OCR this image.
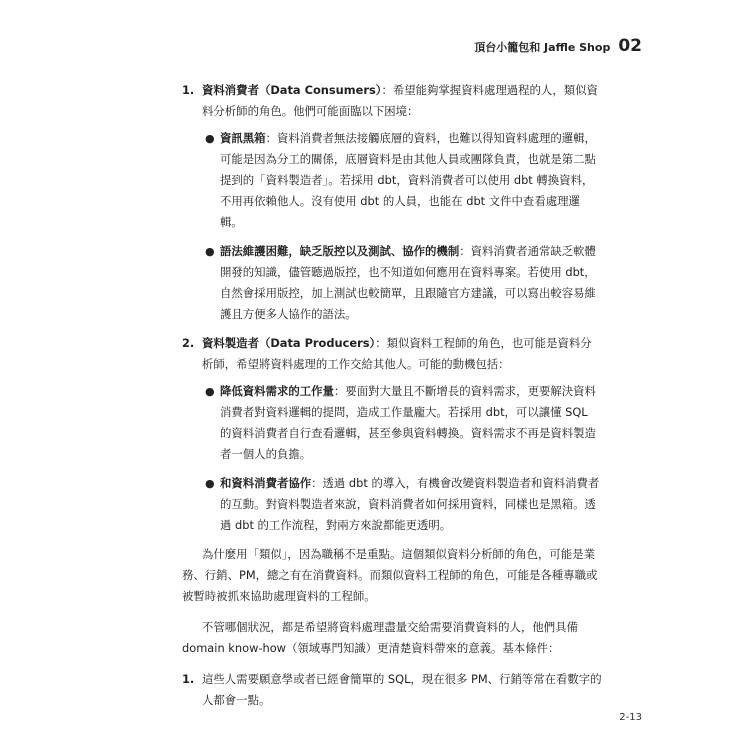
頂台小籠包和 Jaffle Shop 02
1. 資料消費者（Data Consumers）：希望能夠掌握資料處理過程的人，類似資料分析師的角色。他們可能面臨以下困境：
● 資訊黑箱：資料消費者無法接觸底層的資料，也難以得知資料處理的邏輯，可能是因為分工的關係，底層資料是由其他人員或團隊負責，也就是第二點提到的「資料製造者」。若採用 dbt，資料消費者可以使用 dbt 轉換資料，不用再依賴他人。沒有使用 dbt 的人員，也能在 dbt 文件中查看處理邏輯。
● 語法維護困難，缺乏版控以及測試、協作的機制：資料消費者通常缺乏軟體開發的知識，儘管聽過版控，也不知道如何應用在資料專案。若使用 dbt，自然會採用版控，加上測試也較簡單，且跟隨官方建議，可以寫出較容易維護且方便多人協作的語法。
2. 資料製造者（Data Producers）：類似資料工程師的角色，也可能是資料分析師，希望將資料處理的工作交給其他人。可能的動機包括：
● 降低資料需求的工作量：要面對大量且不斷增長的資料需求，更要解決資料消費者對資料邏輯的提問，造成工作量龐大。若採用 dbt，可以讓懂 SQL 的資料消費者自行查看邏輯，甚至參與資料轉換。資料需求不再是資料製造者一個人的負擔。
● 和資料消費者協作：透過 dbt 的導入，有機會改變資料製造者和資料消費者的互動。對資料製造者來說，資料消費者如何採用資料，同樣也是黑箱。透過 dbt 的工作流程，對兩方來說都能更透明。

為什麼用「類似」，因為職稱不是重點。這個類似資料分析師的角色，可能是業務、行銷、PM，總之有在消費資料。而類似資料工程師的角色，可能是各種專職或被暫時被抓來協助處理資料的工程師。

不管哪個狀況，都是希望將資料處理盡量交給需要消費資料的人，他們具備 domain know-how（領域專門知識）更清楚資料帶來的意義。基本條件：

1. 這些人需要願意學或者已經會簡單的 SQL，現在很多 PM、行銷等常在看數字的人都會一點。
2-13
